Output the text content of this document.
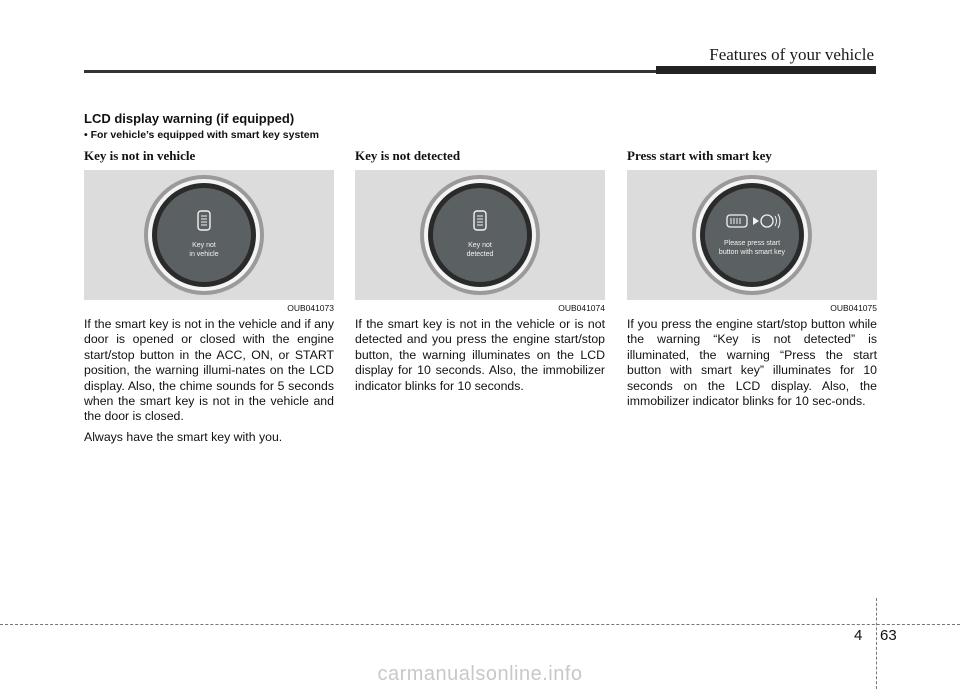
Features of your vehicle
LCD display warning (if equipped)
• For vehicle’s equipped with smart key system
Key is not in vehicle
Key not
in vehicle
OUB041073

If the smart key is not in the vehicle and if any door is opened or closed with the engine start/stop button in the ACC, ON, or START position, the warning illumi-nates on the LCD display. Also, the chime sounds for 5 seconds when the smart key is not in the vehicle and the door is closed.

Always have the smart key with you.

Key is not detected
Key not
detected
OUB041074

If the smart key is not in the vehicle or is not detected and you press the engine start/stop button, the warning illuminates on the LCD display for 10 seconds. Also, the immobilizer indicator blinks for 10 seconds.

Press start with smart key
Please press start
button with smart key
OUB041075

If you press the engine start/stop button while the warning “Key is not detected” is illuminated, the warning “Press the start button with smart key” illuminates for 10 seconds on the LCD display. Also, the immobilizer indicator blinks for 10 sec-onds.

4 63
carmanualsonline.info
